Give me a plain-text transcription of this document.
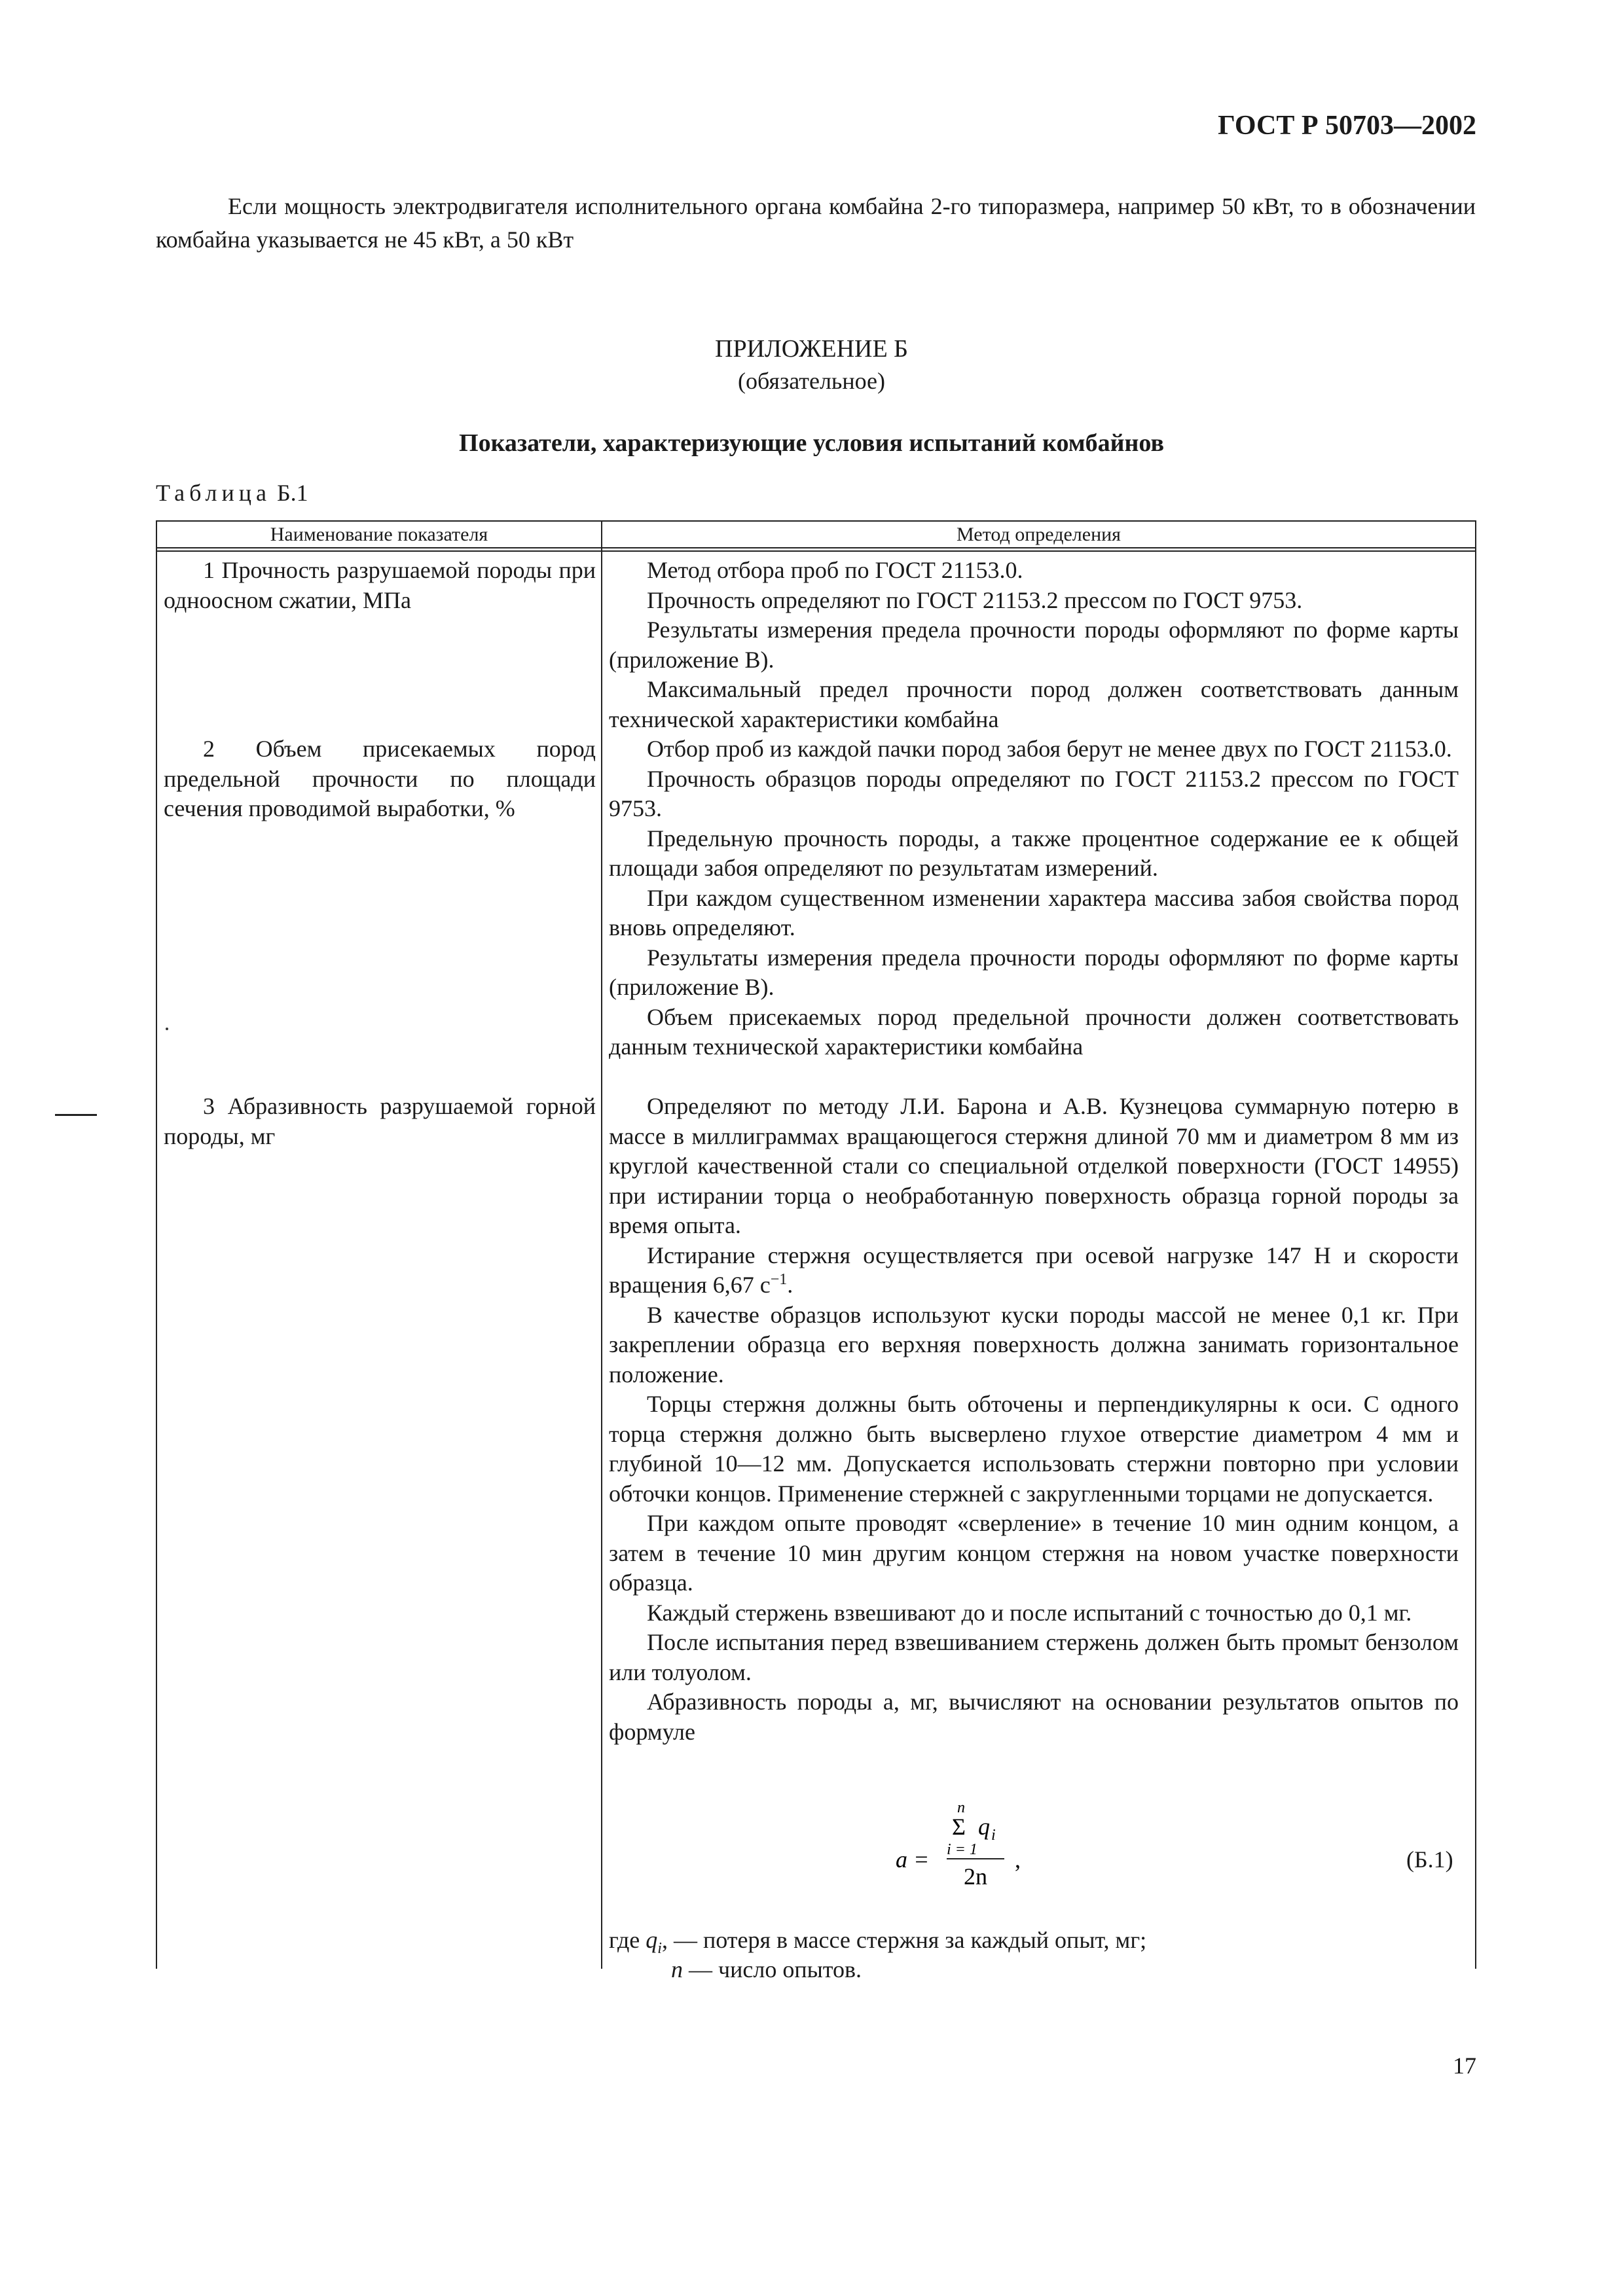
ГОСТ Р 50703—2002

Если мощность электродвигателя исполнительного органа комбайна 2-го типоразмера, например 50 кВт, то в обозначении комбайна указывается не 45 кВт, а 50 кВт

ПРИЛОЖЕНИЕ Б
(обязательное)
Показатели, характеризующие условия испытаний комбайнов
Таблица Б.1
Наименование показателя	Метод определения

1 Прочность разрушаемой породы при одноосном сжатии, МПа

Метод отбора проб по ГОСТ 21153.0.

Прочность определяют по ГОСТ 21153.2 прессом по ГОСТ 9753.

Результаты измерения предела прочности породы оформляют по форме карты (приложение В).

Максимальный предел прочности пород должен соответствовать данным технической характеристики комбайна

2 Объем присекаемых пород предельной прочности по площади сечения проводимой выработки, %

Отбор проб из каждой пачки пород забоя берут не менее двух по ГОСТ 21153.0.

Прочность образцов породы определяют по ГОСТ 21153.2 прессом по ГОСТ 9753.

Предельную прочность породы, а также процентное содержание ее к общей площади забоя определяют по результатам измерений.

При каждом существенном изменении характера массива забоя свойства пород вновь определяют.

Результаты измерения предела прочности породы оформляют по форме карты (приложение В).

Объем присекаемых пород предельной прочности должен соответствовать данным технической характеристики комбайна

3 Абразивность разрушаемой горной породы, мг

Определяют по методу Л.И. Барона и А.В. Кузнецова суммарную потерю в массе в миллиграммах вращающегося стержня длиной 70 мм и диаметром 8 мм из круглой качественной стали со специальной отделкой поверхности (ГОСТ 14955) при истирании торца о необработанную поверхность образца горной породы за время опыта.

Истирание стержня осуществляется при осевой нагрузке 147 Н и скорости вращения 6,67 $с^{-1}$.

В качестве образцов используют куски породы массой не менее 0,1 кг. При закреплении образца его верхняя поверхность должна занимать горизонтальное положение.

Торцы стержня должны быть обточены и перпендикулярны к оси. С одного торца стержня должно быть высверлено глухое отверстие диаметром 4 мм и глубиной 10—12 мм. Допускается использовать стержни повторно при условии обточки концов. Применение стержней с закругленными торцами не допускается.

При каждом опыте проводят «сверление» в течение 10 мин одним концом, а затем в течение 10 мин другим концом стержня на новом участке поверхности образца.

Каждый стержень взвешивают до и после испытаний с точностью до 0,1 мг.

После испытания перед взвешиванием стержень должен быть промыт бензолом или толуолом.

Абразивность породы a, мг, вычисляют на основании результатов опытов по формуле

n
Σ q i
i = 1
a =
2n
,	(Б.1)
где $q_i$, — потеря в массе стержня за каждый опыт, мг;
n — число опытов.
17
